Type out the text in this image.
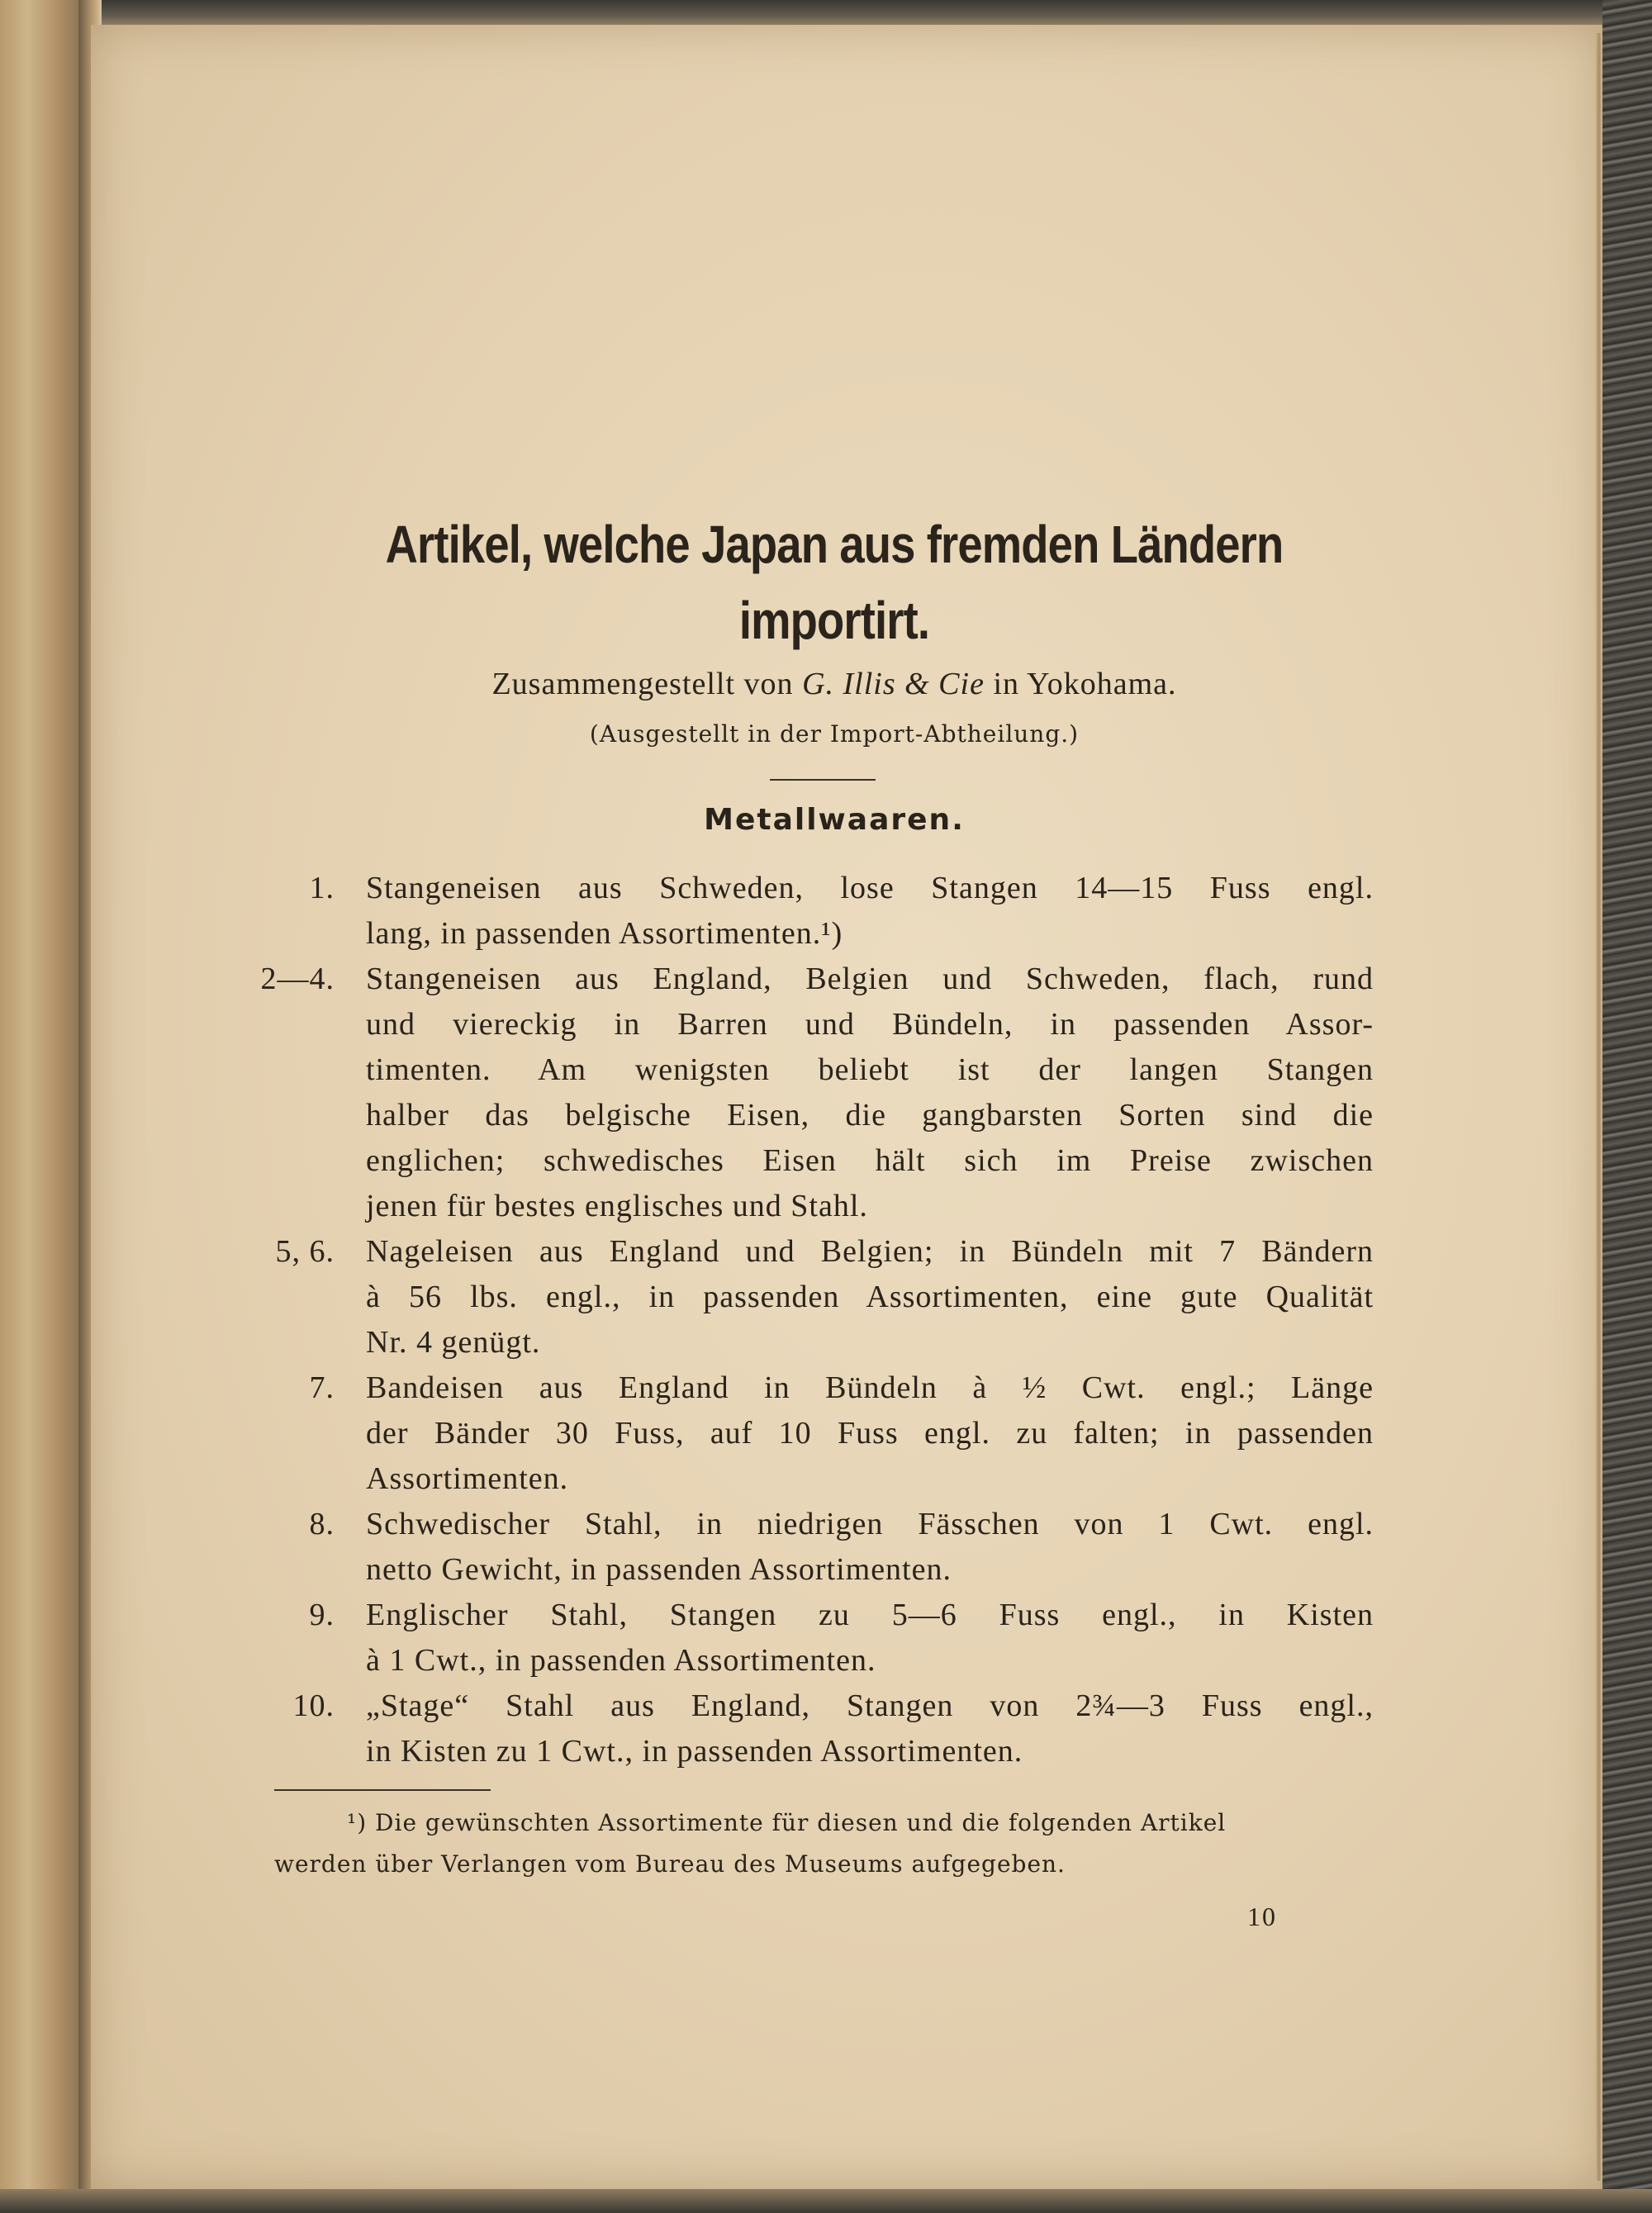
Artikel, welche Japan aus fremden Ländern
importirt.
Zusammengestellt von G. Illis & Cie in Yokohama.
(Ausgestellt in der Import-Abtheilung.)
Metallwaaren.
1. Stangeneisen aus Schweden, lose Stangen 14—15 Fuss engl.
lang, in passenden Assortimenten.¹)
2—4. Stangeneisen aus England, Belgien und Schweden, flach, rund
und viereckig in Barren und Bündeln, in passenden Assor-
timenten. Am wenigsten beliebt ist der langen Stangen
halber das belgische Eisen, die gangbarsten Sorten sind die
englichen; schwedisches Eisen hält sich im Preise zwischen
jenen für bestes englisches und Stahl.
5, 6. Nageleisen aus England und Belgien; in Bündeln mit 7 Bändern
à 56 lbs. engl., in passenden Assortimenten, eine gute Qualität
Nr. 4 genügt.
7. Bandeisen aus England in Bündeln à ½ Cwt. engl.; Länge
der Bänder 30 Fuss, auf 10 Fuss engl. zu falten; in passenden
Assortimenten.
8. Schwedischer Stahl, in niedrigen Fässchen von 1 Cwt. engl.
netto Gewicht, in passenden Assortimenten.
9. Englischer Stahl, Stangen zu 5—6 Fuss engl., in Kisten
à 1 Cwt., in passenden Assortimenten.
10. „Stage“ Stahl aus England, Stangen von 2¾—3 Fuss engl.,
in Kisten zu 1 Cwt., in passenden Assortimenten.
¹) Die gewünschten Assortimente für diesen und die folgenden Artikel
werden über Verlangen vom Bureau des Museums aufgegeben.
10
